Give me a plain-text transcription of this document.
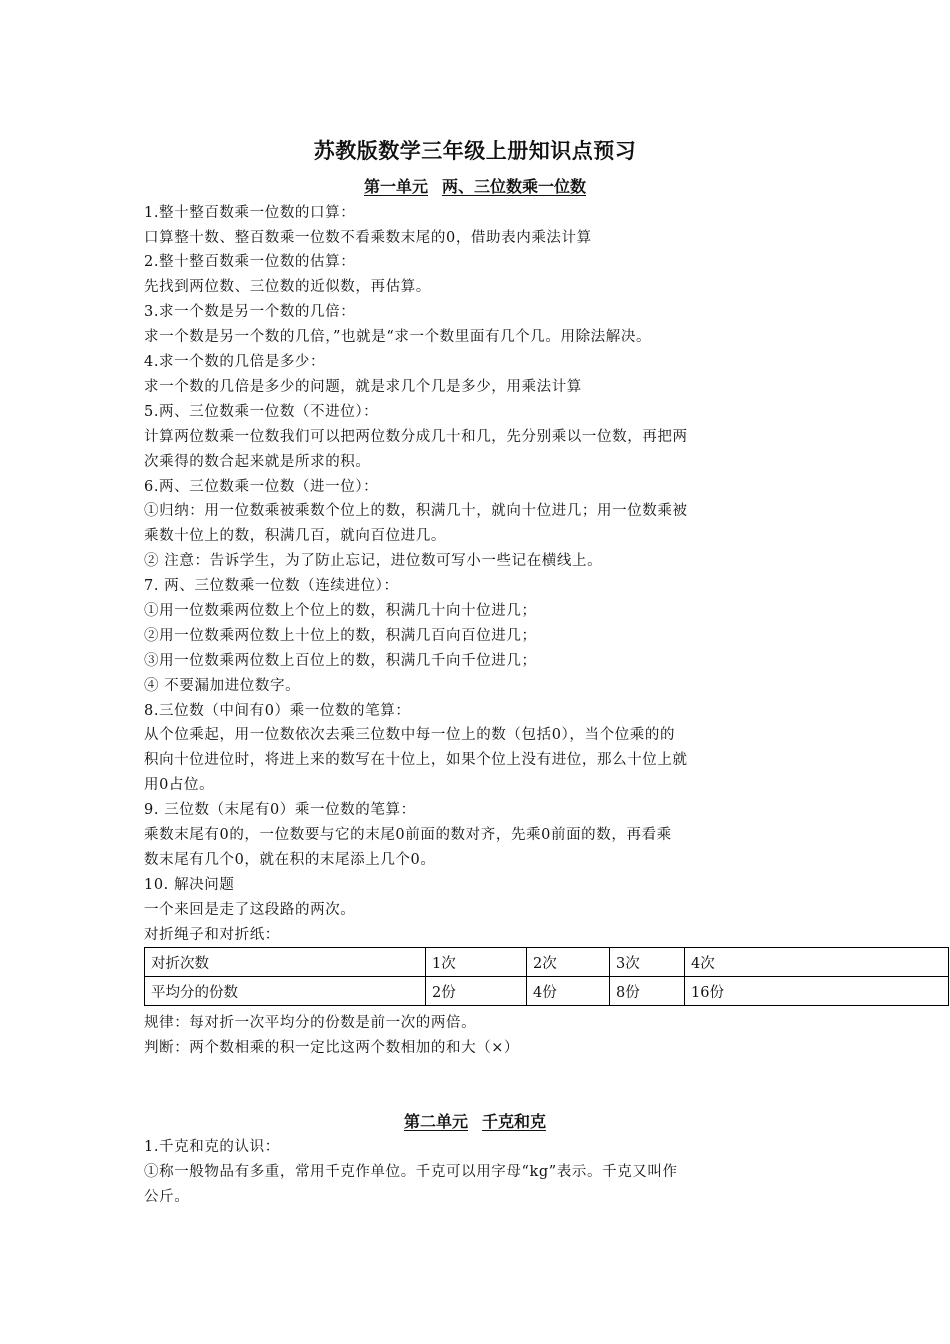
苏教版数学三年级上册知识点预习
第一单元 两、三位数乘一位数
1.整十整百数乘一位数的口算：
口算整十数、整百数乘一位数不看乘数末尾的0，借助表内乘法计算
2.整十整百数乘一位数的估算：
先找到两位数、三位数的近似数，再估算。
3.求一个数是另一个数的几倍：
求一个数是另一个数的几倍，”也就是“求一个数里面有几个几。用除法解决。
4.求一个数的几倍是多少：
求一个数的几倍是多少的问题，就是求几个几是多少，用乘法计算
5.两、三位数乘一位数（不进位）：
计算两位数乘一位数我们可以把两位数分成几十和几，先分别乘以一位数，再把两
次乘得的数合起来就是所求的积。
6.两、三位数乘一位数（进一位）：
①归纳：用一位数乘被乘数个位上的数，积满几十，就向十位进几；用一位数乘被
乘数十位上的数，积满几百，就向百位进几。
② 注意：告诉学生，为了防止忘记，进位数可写小一些记在横线上。
7. 两、三位数乘一位数（连续进位）：
①用一位数乘两位数上个位上的数，积满几十向十位进几；
②用一位数乘两位数上十位上的数，积满几百向百位进几；
③用一位数乘两位数上百位上的数，积满几千向千位进几；
④ 不要漏加进位数字。
8.三位数（中间有0）乘一位数的笔算：
从个位乘起，用一位数依次去乘三位数中每一位上的数（包括0），当个位乘的的
积向十位进位时，将进上来的数写在十位上，如果个位上没有进位，那么十位上就
用0占位。
9. 三位数（末尾有0）乘一位数的笔算：
乘数末尾有0的，一位数要与它的末尾0前面的数对齐，先乘0前面的数，再看乘
数末尾有几个0，就在积的末尾添上几个0。
10. 解决问题
一个来回是走了这段路的两次。
对折绳子和对折纸：
对折次数	1次	2次	3次	4次
平均分的份数	2份	4份	8份	16份
规律：每对折一次平均分的份数是前一次的两倍。
判断：两个数相乘的积一定比这两个数相加的和大（×）
第二单元 千克和克
1.千克和克的认识：
①称一般物品有多重，常用千克作单位。千克可以用字母“kg”表示。千克又叫作
公斤。
